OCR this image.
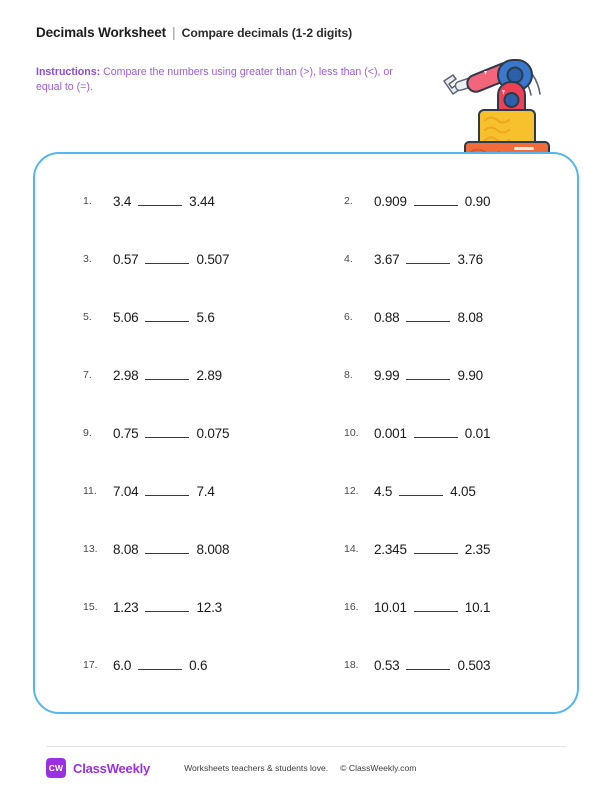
Decimals Worksheet | Compare decimals (1-2 digits)
Instructions: Compare the numbers using greater than (>), less than (<), or equal to (=).
1.	3.4	3.44	2.	0.909	0.90
3.	0.57	0.507	4.	3.67	3.76
5.	5.06	5.6	6.	0.88	8.08
7.	2.98	2.89	8.	9.99	9.90
9.	0.75	0.075	10.	0.001	0.01
11.	7.04	7.4	12.	4.5	4.05
13.	8.08	8.008	14.	2.345	2.35
15.	1.23	12.3	16.	10.01	10.1
17.	6.0	0.6	18.	0.53	0.503
CW ClassWeekly	Worksheets teachers & students love. © ClassWeekly.com
